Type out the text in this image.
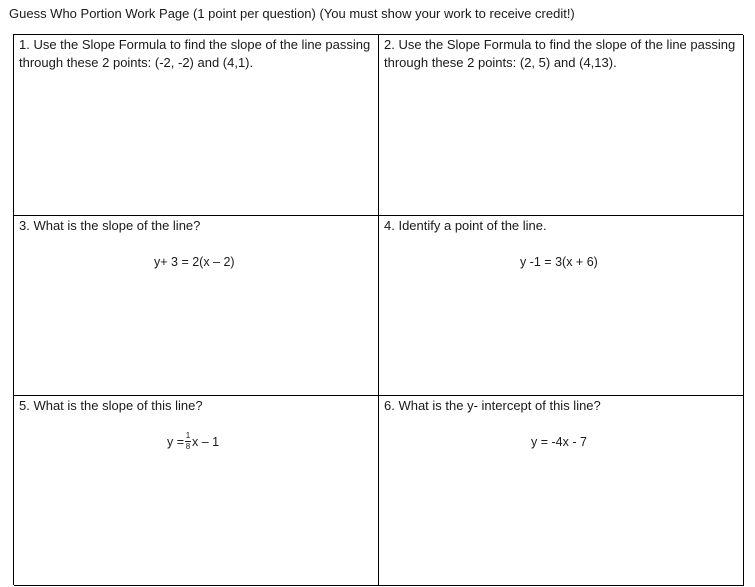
Guess Who Portion Work Page (1 point per question) (You must show your work to receive credit!)
1. Use the Slope Formula to find the slope of the line passing through these 2 points: (-2, -2) and (4,1).
2. Use the Slope Formula to find the slope of the line passing through these 2 points: (2, 5) and (4,13).
3. What is the slope of the line?
y+ 3 = 2(x – 2)
4. Identify a point of the line.
y -1 = 3(x + 6)
5. What is the slope of this line?
$y = \frac{1}{8}$ x – 1
6. What is the y- intercept of this line?
y = -4x - 7
